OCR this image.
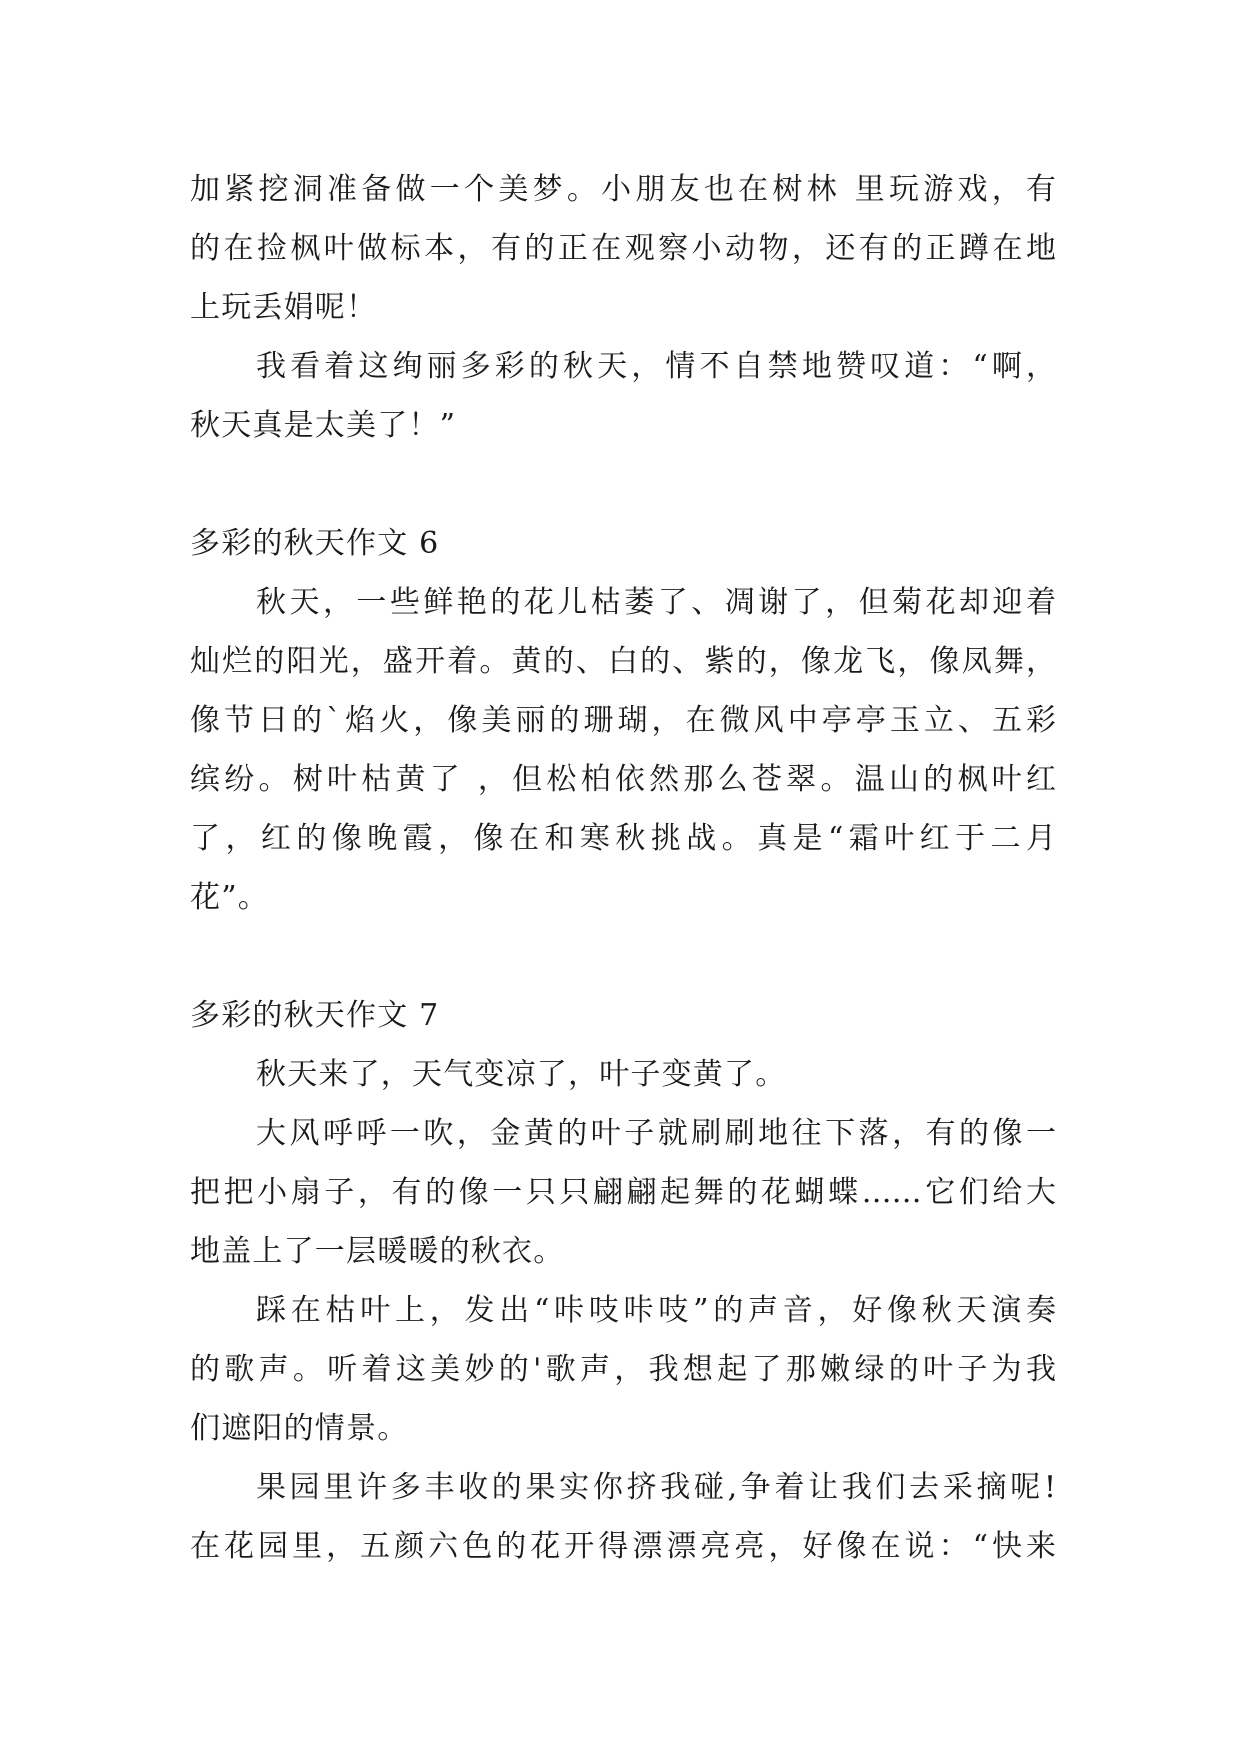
加紧挖洞准备做一个美梦。小朋友也在树林 里玩游戏，有
的在捡枫叶做标本，有的正在观察小动物，还有的正蹲在地
上玩丢娟呢！
我看着这绚丽多彩的秋天，情不自禁地赞叹道：“啊，
秋天真是太美了！”
多彩的秋天作文 6
秋天，一些鲜艳的花儿枯萎了、凋谢了，但菊花却迎着
灿烂的阳光，盛开着。黄的、白的、紫的，像龙飞，像凤舞，
像节日的`焰火，像美丽的珊瑚，在微风中亭亭玉立、五彩
缤纷。树叶枯黄了 ，但松柏依然那么苍翠。温山的枫叶红
了，红的像晚霞，像在和寒秋挑战。真是“霜叶红于二月
花”。
多彩的秋天作文 7
秋天来了，天气变凉了，叶子变黄了。
大风呼呼一吹，金黄的叶子就刷刷地往下落，有的像一
把把小扇子，有的像一只只翩翩起舞的花蝴蝶……它们给大
地盖上了一层暖暖的秋衣。
踩在枯叶上，发出“咔吱咔吱”的声音，好像秋天演奏
的歌声。听着这美妙的'歌声，我想起了那嫩绿的叶子为我
们遮阳的情景。
果园里许多丰收的果实你挤我碰,争着让我们去采摘呢!
在花园里，五颜六色的花开得漂漂亮亮，好像在说：“快来
